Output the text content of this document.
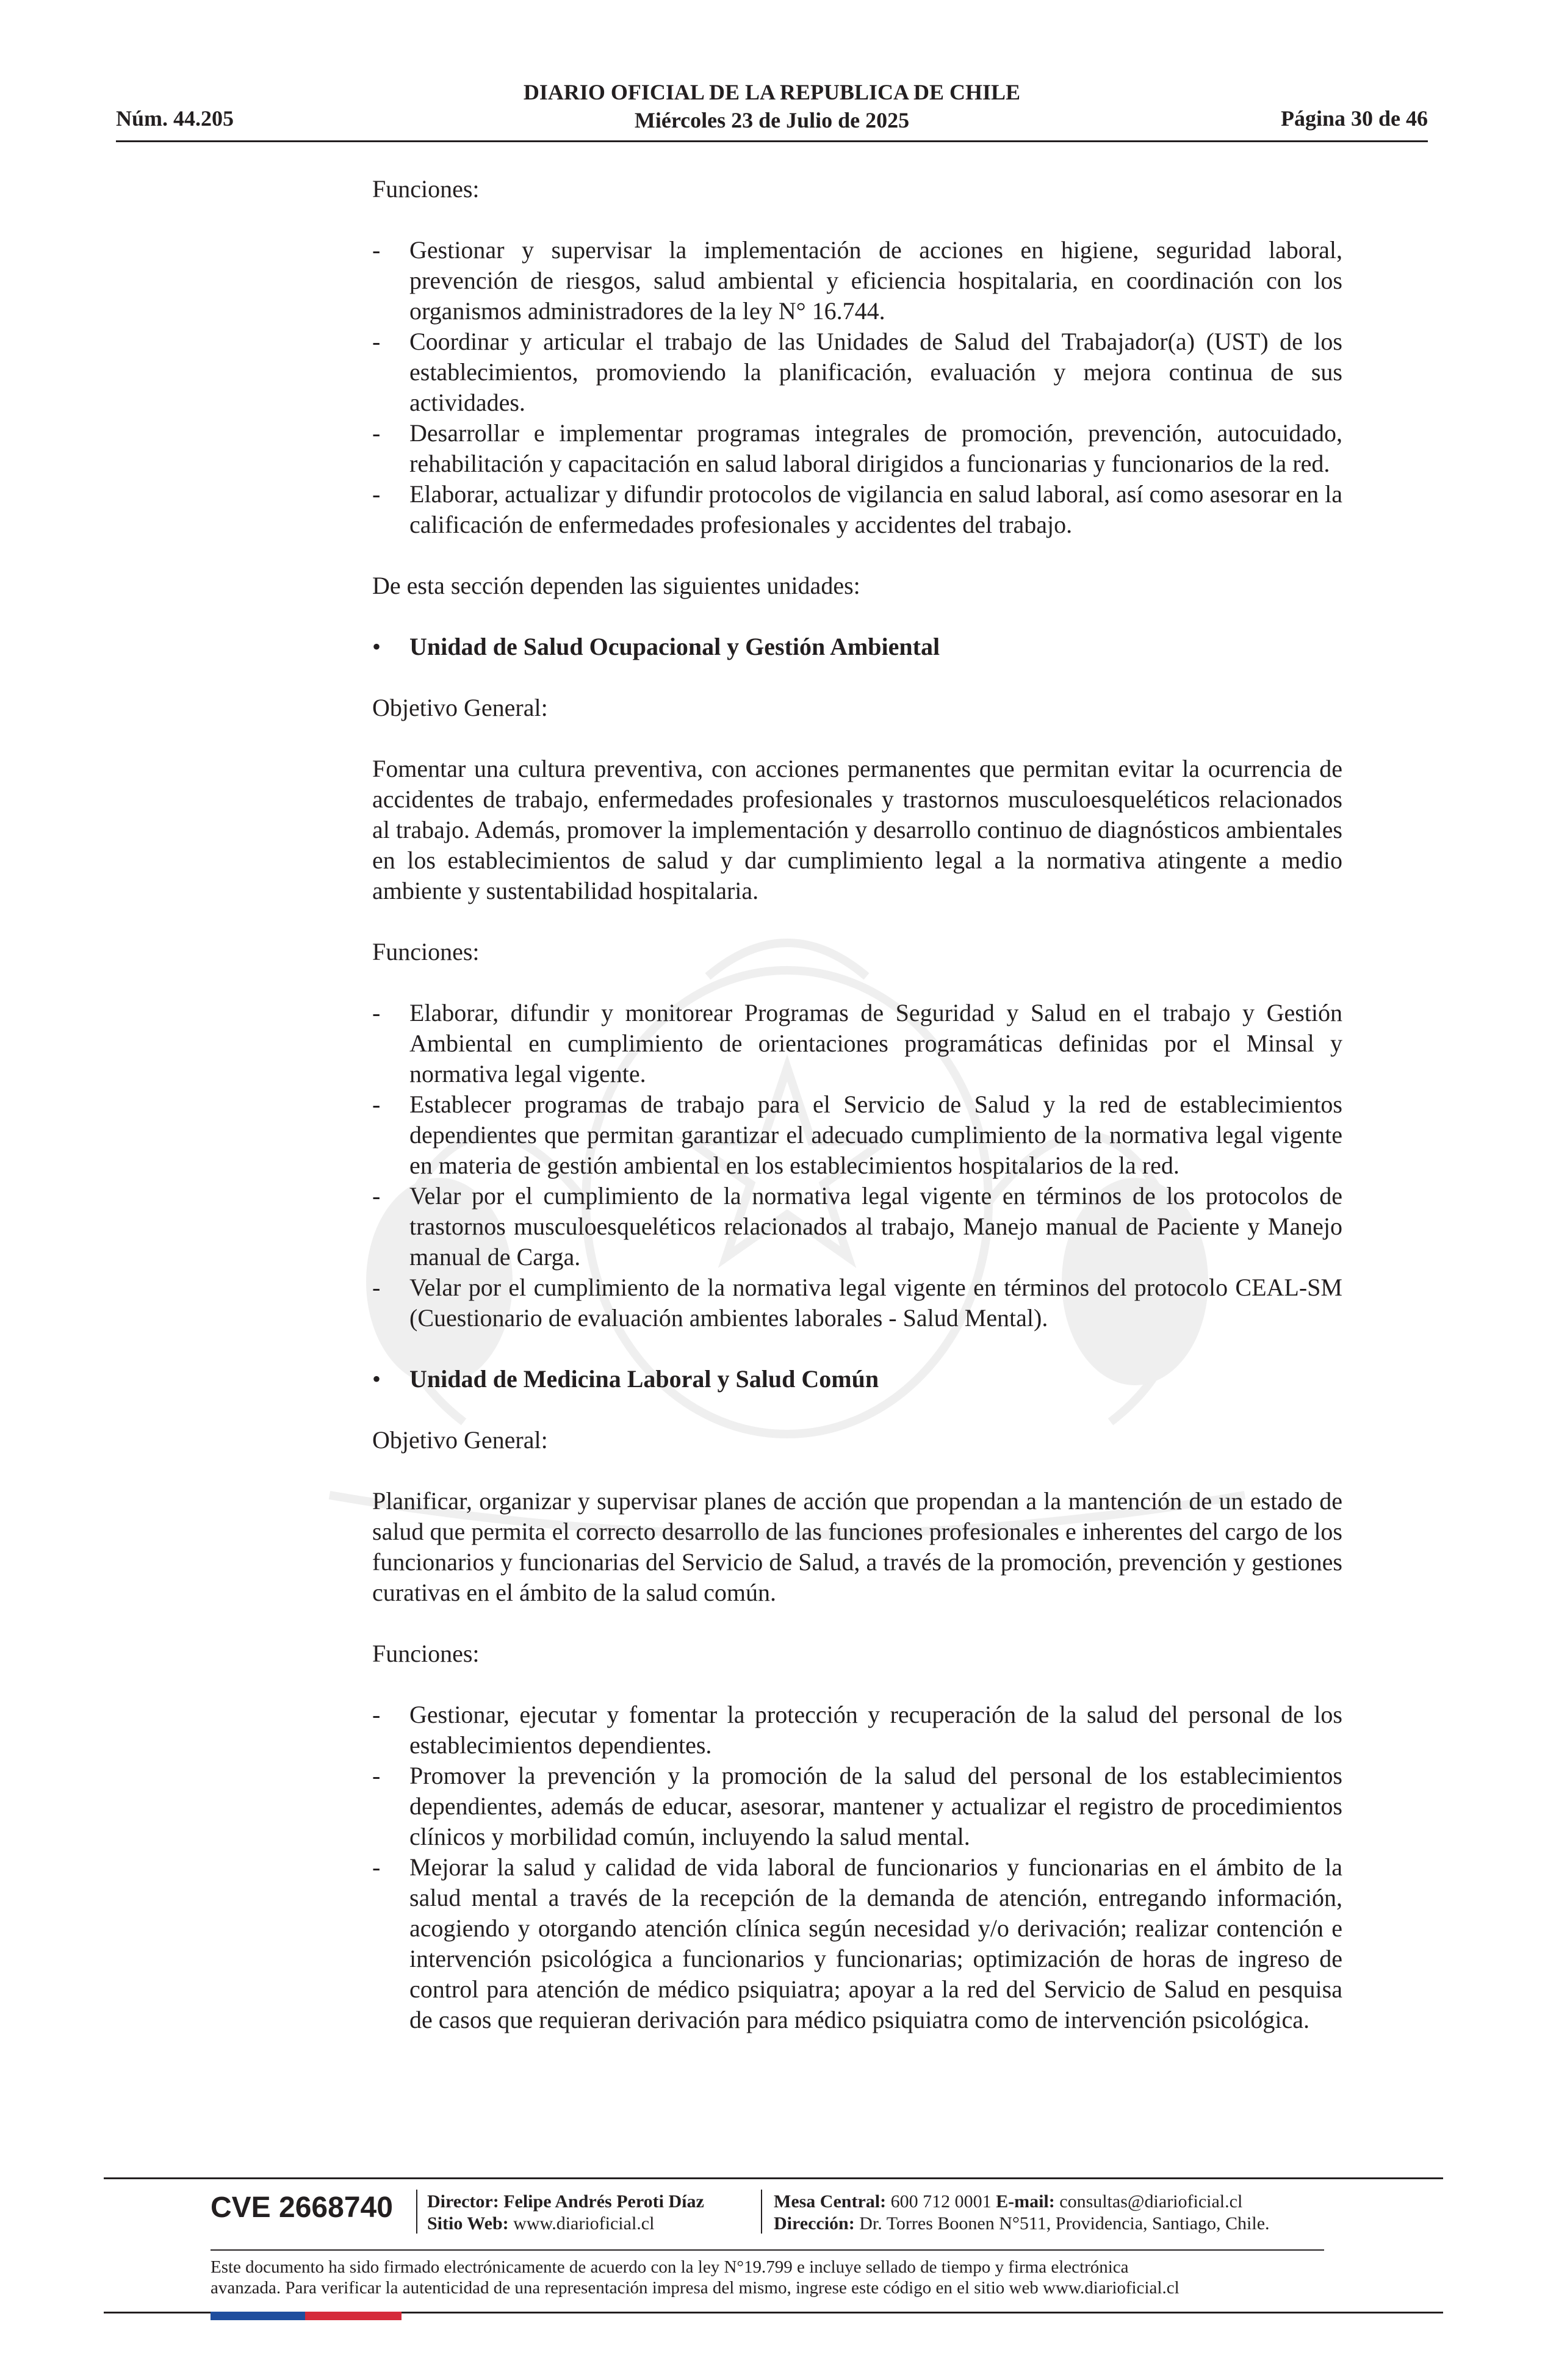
Núm. 44.205
DIARIO OFICIAL DE LA REPUBLICA DE CHILE
Miércoles 23 de Julio de 2025	Página 30 de 46

Funciones:

- Gestionar y supervisar la implementación de acciones en higiene, seguridad laboral, prevención de riesgos, salud ambiental y eficiencia hospitalaria, en coordinación con los organismos administradores de la ley N° 16.744.
- Coordinar y articular el trabajo de las Unidades de Salud del Trabajador(a) (UST) de los establecimientos, promoviendo la planificación, evaluación y mejora continua de sus actividades.
- Desarrollar e implementar programas integrales de promoción, prevención, autocuidado, rehabilitación y capacitación en salud laboral dirigidos a funcionarias y funcionarios de la red.
- Elaborar, actualizar y difundir protocolos de vigilancia en salud laboral, así como asesorar en la calificación de enfermedades profesionales y accidentes del trabajo.

De esta sección dependen las siguientes unidades:

• Unidad de Salud Ocupacional y Gestión Ambiental

Objetivo General:

Fomentar una cultura preventiva, con acciones permanentes que permitan evitar la ocurrencia de accidentes de trabajo, enfermedades profesionales y trastornos musculoesqueléticos relacionados al trabajo. Además, promover la implementación y desarrollo continuo de diagnósticos ambientales en los establecimientos de salud y dar cumplimiento legal a la normativa atingente a medio ambiente y sustentabilidad hospitalaria.

Funciones:

- Elaborar, difundir y monitorear Programas de Seguridad y Salud en el trabajo y Gestión Ambiental en cumplimiento de orientaciones programáticas definidas por el Minsal y normativa legal vigente.
- Establecer programas de trabajo para el Servicio de Salud y la red de establecimientos dependientes que permitan garantizar el adecuado cumplimiento de la normativa legal vigente en materia de gestión ambiental en los establecimientos hospitalarios de la red.
- Velar por el cumplimiento de la normativa legal vigente en términos de los protocolos de trastornos musculoesqueléticos relacionados al trabajo, Manejo manual de Paciente y Manejo manual de Carga.
- Velar por el cumplimiento de la normativa legal vigente en términos del protocolo CEAL-SM (Cuestionario de evaluación ambientes laborales - Salud Mental).
• Unidad de Medicina Laboral y Salud Común

Objetivo General:

Planificar, organizar y supervisar planes de acción que propendan a la mantención de un estado de salud que permita el correcto desarrollo de las funciones profesionales e inherentes del cargo de los funcionarios y funcionarias del Servicio de Salud, a través de la promoción, prevención y gestiones curativas en el ámbito de la salud común.

Funciones:

- Gestionar, ejecutar y fomentar la protección y recuperación de la salud del personal de los establecimientos dependientes.
- Promover la prevención y la promoción de la salud del personal de los establecimientos dependientes, además de educar, asesorar, mantener y actualizar el registro de procedimientos clínicos y morbilidad común, incluyendo la salud mental.
- Mejorar la salud y calidad de vida laboral de funcionarios y funcionarias en el ámbito de la salud mental a través de la recepción de la demanda de atención, entregando información, acogiendo y otorgando atención clínica según necesidad y/o derivación; realizar contención e intervención psicológica a funcionarios y funcionarias; optimización de horas de ingreso de control para atención de médico psiquiatra; apoyar a la red del Servicio de Salud en pesquisa de casos que requieran derivación para médico psiquiatra como de intervención psicológica.
CVE 2668740 Director: Felipe Andrés Peroti Díaz
Sitio Web: www.diarioficial.cl
Mesa Central: 600 712 0001 E-mail: consultas@diarioficial.cl
Dirección: Dr. Torres Boonen N°511, Providencia, Santiago, Chile.
Este documento ha sido firmado electrónicamente de acuerdo con la ley N°19.799 e incluye sellado de tiempo y firma electrónica
avanzada. Para verificar la autenticidad de una representación impresa del mismo, ingrese este código en el sitio web www.diarioficial.cl
